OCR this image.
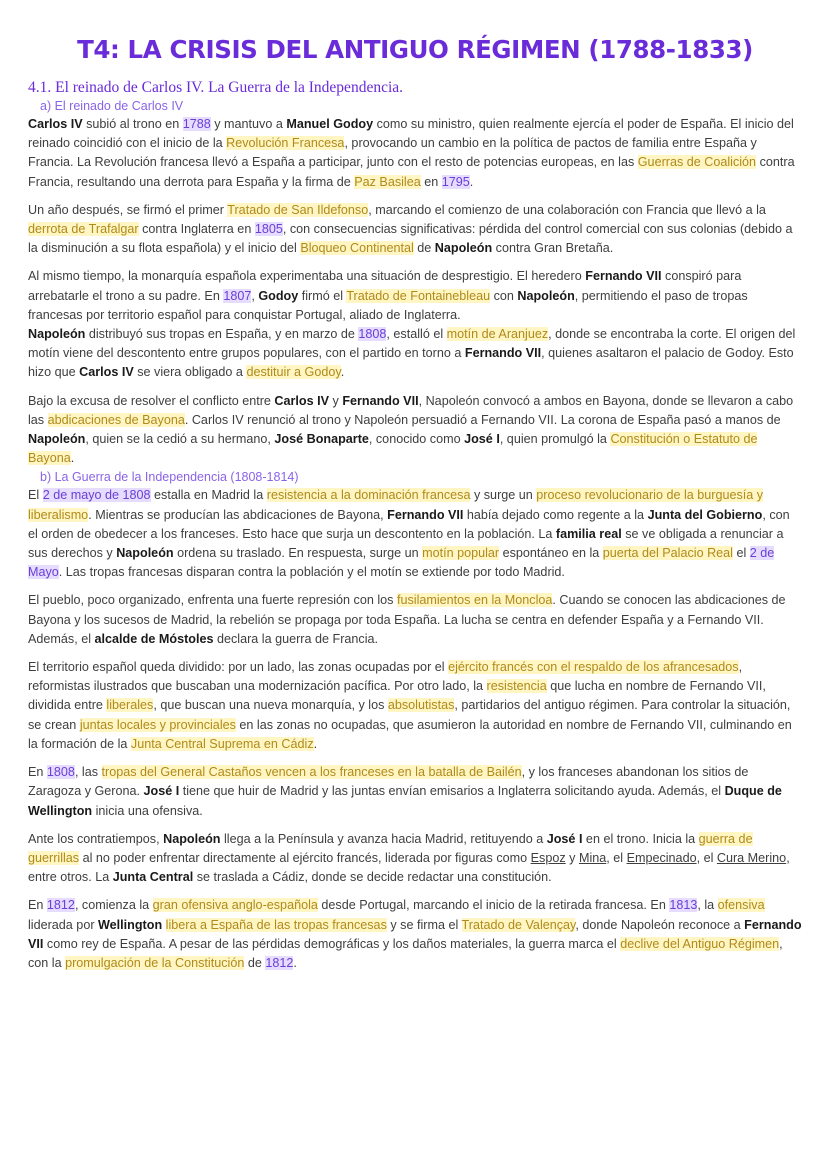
T4: LA CRISIS DEL ANTIGUO RÉGIMEN (1788-1833)
4.1. El reinado de Carlos IV. La Guerra de la Independencia.
a) El reinado de Carlos IV

Carlos IV subió al trono en 1788 y mantuvo a Manuel Godoy como su ministro, quien realmente ejercía el poder de España. El inicio del reinado coincidió con el inicio de la Revolución Francesa, provocando un cambio en la política de pactos de familia entre España y Francia. La Revolución francesa llevó a España a participar, junto con el resto de potencias europeas, en las Guerras de Coalición contra Francia, resultando una derrota para España y la firma de Paz Basilea en 1795.

Un año después, se firmó el primer Tratado de San Ildefonso, marcando el comienzo de una colaboración con Francia que llevó a la derrota de Trafalgar contra Inglaterra en 1805, con consecuencias significativas: pérdida del control comercial con sus colonias (debido a la disminución a su flota española) y el inicio del Bloqueo Continental de Napoleón contra Gran Bretaña.

Al mismo tiempo, la monarquía española experimentaba una situación de desprestigio. El heredero Fernando VII conspiró para arrebatarle el trono a su padre. En 1807, Godoy firmó el Tratado de Fontainebleau con Napoleón, permitiendo el paso de tropas francesas por territorio español para conquistar Portugal, aliado de Inglaterra.

Napoleón distribuyó sus tropas en España, y en marzo de 1808, estalló el motín de Aranjuez, donde se encontraba la corte. El origen del motín viene del descontento entre grupos populares, con el partido en torno a Fernando VII, quienes asaltaron el palacio de Godoy. Esto hizo que Carlos IV se viera obligado a destituir a Godoy.

Bajo la excusa de resolver el conflicto entre Carlos IV y Fernando VII, Napoleón convocó a ambos en Bayona, donde se llevaron a cabo las abdicaciones de Bayona. Carlos IV renunció al trono y Napoleón persuadió a Fernando VII. La corona de España pasó a manos de Napoleón, quien se la cedió a su hermano, José Bonaparte, conocido como José I, quien promulgó la Constitución o Estatuto de Bayona.

b) La Guerra de la Independencia (1808-1814)

El 2 de mayo de 1808 estalla en Madrid la resistencia a la dominación francesa y surge un proceso revolucionario de la burguesía y liberalismo. Mientras se producían las abdicaciones de Bayona, Fernando VII había dejado como regente a la Junta del Gobierno, con el orden de obedecer a los franceses. Esto hace que surja un descontento en la población. La familia real se ve obligada a renunciar a sus derechos y Napoleón ordena su traslado. En respuesta, surge un motín popular espontáneo en la puerta del Palacio Real el 2 de Mayo. Las tropas francesas disparan contra la población y el motín se extiende por todo Madrid.

El pueblo, poco organizado, enfrenta una fuerte represión con los fusilamientos en la Moncloa. Cuando se conocen las abdicaciones de Bayona y los sucesos de Madrid, la rebelión se propaga por toda España. La lucha se centra en defender España y a Fernando VII. Además, el alcalde de Móstoles declara la guerra de Francia.

El territorio español queda dividido: por un lado, las zonas ocupadas por el ejército francés con el respaldo de los afrancesados, reformistas ilustrados que buscaban una modernización pacífica. Por otro lado, la resistencia que lucha en nombre de Fernando VII, dividida entre liberales, que buscan una nueva monarquía, y los absolutistas, partidarios del antiguo régimen. Para controlar la situación, se crean juntas locales y provinciales en las zonas no ocupadas, que asumieron la autoridad en nombre de Fernando VII, culminando en la formación de la Junta Central Suprema en Cádiz.

En 1808, las tropas del General Castaños vencen a los franceses en la batalla de Bailén, y los franceses abandonan los sitios de Zaragoza y Gerona. José I tiene que huir de Madrid y las juntas envían emisarios a Inglaterra solicitando ayuda. Además, el Duque de Wellington inicia una ofensiva.

Ante los contratiempos, Napoleón llega a la Península y avanza hacia Madrid, retituyendo a José I en el trono. Inicia la guerra de guerrillas al no poder enfrentar directamente al ejército francés, liderada por figuras como Espoz y Mina, el Empecinado, el Cura Merino, entre otros. La Junta Central se traslada a Cádiz, donde se decide redactar una constitución.

En 1812, comienza la gran ofensiva anglo-española desde Portugal, marcando el inicio de la retirada francesa. En 1813, la ofensiva liderada por Wellington libera a España de las tropas francesas y se firma el Tratado de Valençay, donde Napoleón reconoce a Fernando VII como rey de España. A pesar de las pérdidas demográficas y los daños materiales, la guerra marca el declive del Antiguo Régimen, con la promulgación de la Constitución de 1812.
